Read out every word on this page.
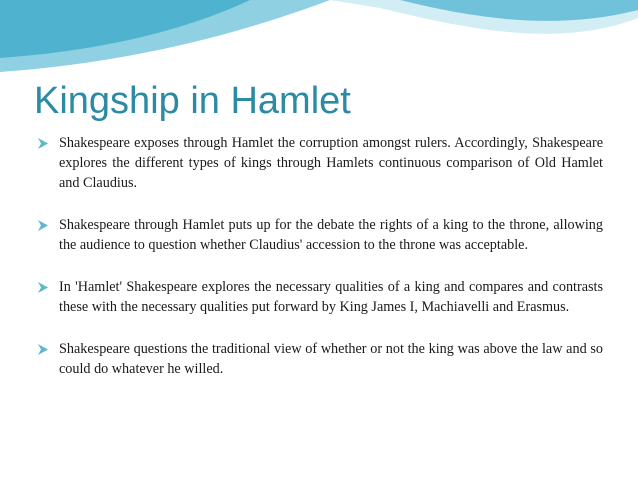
Kingship in Hamlet
Shakespeare exposes through Hamlet the corruption amongst rulers. Accordingly, Shakespeare explores the different types of kings through Hamlets continuous comparison of Old Hamlet and Claudius.
Shakespeare through Hamlet puts up for the debate the rights of a king to the throne, allowing the audience to question whether Claudius' accession to the throne was acceptable.
In 'Hamlet' Shakespeare explores the necessary qualities of a king and compares and contrasts these with the necessary qualities put forward by King James I, Machiavelli and Erasmus.
Shakespeare questions the traditional view of whether or not the king was above the law and so could do whatever he willed.
